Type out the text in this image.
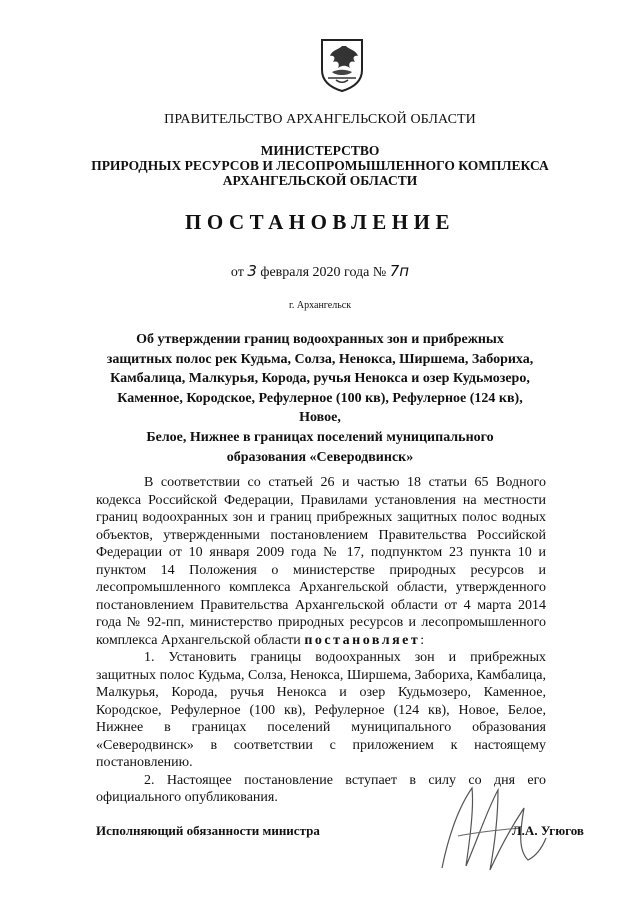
ПРАВИТЕЛЬСТВО АРХАНГЕЛЬСКОЙ ОБЛАСТИ
МИНИСТЕРСТВО
ПРИРОДНЫХ РЕСУРСОВ И ЛЕСОПРОМЫШЛЕННОГО КОМПЛЕКСА
АРХАНГЕЛЬСКОЙ ОБЛАСТИ
ПОСТАНОВЛЕНИЕ
от 3 февраля 2020 года № 7п
г. Архангельск
Об утверждении границ водоохранных зон и прибрежных
защитных полос рек Кудьма, Солза, Ненокса, Ширшема, Забориха,
Камбалица, Малкурья, Корода, ручья Ненокса и озер Кудьмозеро,
Каменное, Кородское, Рефулерное (100 кв), Рефулерное (124 кв), Новое,
Белое, Нижнее в границах поселений муниципального
образования «Северодвинск»

В соответствии со статьей 26 и частью 18 статьи 65 Водного кодекса Российской Федерации, Правилами установления на местности границ водоохранных зон и границ прибрежных защитных полос водных объектов, утвержденными постановлением Правительства Российской Федерации от 10 января 2009 года № 17, подпунктом 23 пункта 10 и пунктом 14 Положения о министерстве природных ресурсов и лесопромышленного комплекса Архангельской области, утвержденного постановлением Правительства Архангельской области от 4 марта 2014 года № 92-пп, министерство природных ресурсов и лесопромышленного комплекса Архангельской области постановляет:

1. Установить границы водоохранных зон и прибрежных защитных полос Кудьма, Солза, Ненокса, Ширшема, Забориха, Камбалица, Малкурья, Корода, ручья Ненокса и озер Кудьмозеро, Каменное, Кородское, Рефулерное (100 кв), Рефулерное (124 кв), Новое, Белое, Нижнее в границах поселений муниципального образования «Северодвинск» в соответствии с приложением к настоящему постановлению.

2. Настоящее постановление вступает в силу со дня его официального опубликования.

Исполняющий обязанности министра	Л.А. Угюгов
